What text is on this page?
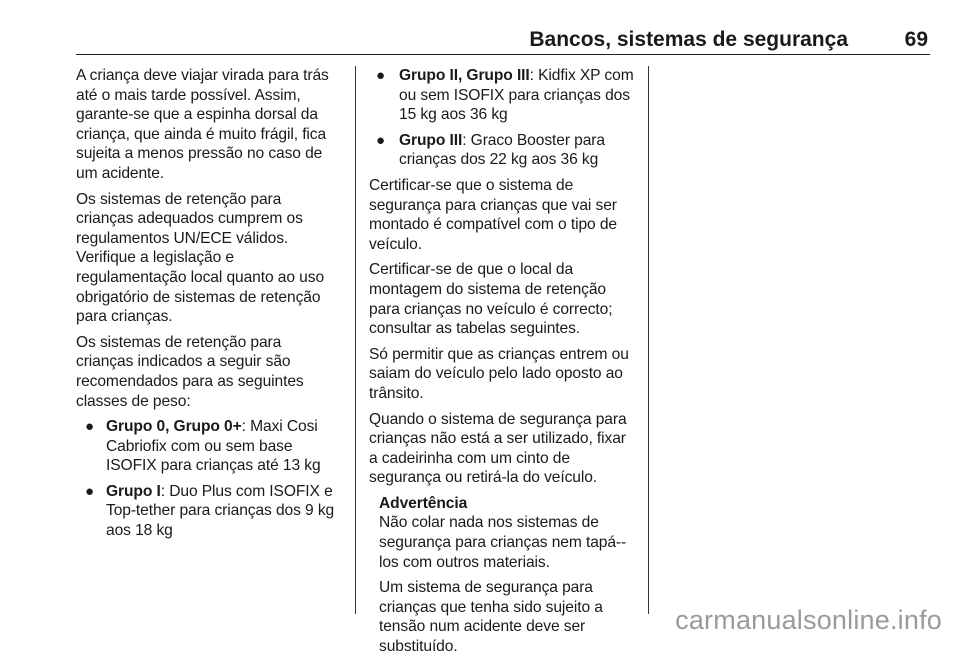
Bancos, sistemas de segurança	69

A criança deve viajar virada para trás até o mais tarde possível. Assim, garante-se que a espinha dorsal da criança, que ainda é muito frágil, fica sujeita a menos pressão no caso de um acidente.

Os sistemas de retenção para crianças adequados cumprem os regulamentos UN/ECE válidos. Verifique a legislação e regulamentação local quanto ao uso obrigatório de sistemas de retenção para crianças.

Os sistemas de retenção para crianças indicados a seguir são recomendados para as seguintes classes de peso:

● Grupo 0, Grupo 0+: Maxi Cosi Cabriofix com ou sem base ISOFIX para crianças até 13 kg
● Grupo I: Duo Plus com ISOFIX e Top-tether para crianças dos 9 kg aos 18 kg
● Grupo II, Grupo III: Kidfix XP com ou sem ISOFIX para crianças dos 15 kg aos 36 kg
● Grupo III: Graco Booster para crianças dos 22 kg aos 36 kg

Certificar-se que o sistema de segurança para crianças que vai ser montado é compatível com o tipo de veículo.

Certificar-se de que o local da montagem do sistema de retenção para crianças no veículo é correcto; consultar as tabelas seguintes.

Só permitir que as crianças entrem ou saiam do veículo pelo lado oposto ao trânsito.

Quando o sistema de segurança para crianças não está a ser utilizado, fixar a cadeirinha com um cinto de segurança ou retirá-la do veículo.

Advertência

Não colar nada nos sistemas de segurança para crianças nem tapá--los com outros materiais.

Um sistema de segurança para crianças que tenha sido sujeito a tensão num acidente deve ser substituído.

carmanualsonline.info
